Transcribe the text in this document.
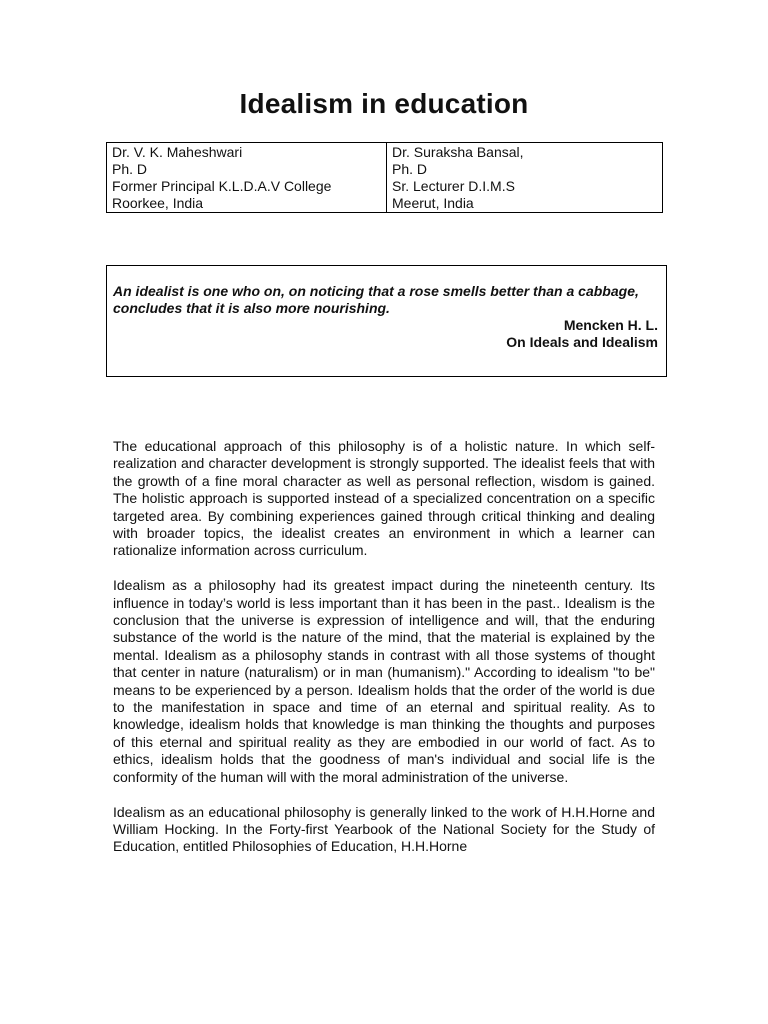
Idealism in education
Dr. V. K. Maheshwari
Ph. D
Former Principal K.L.D.A.V College
Roorkee, India

Dr. Suraksha Bansal,
Ph. D
Sr. Lecturer D.I.M.S
Meerut, India

An idealist is one who on, on noticing that a rose smells better than a cabbage, concludes that it is also more nourishing.

Mencken H. L.

On Ideals and Idealism

The educational approach of this philosophy is of a holistic nature. In which self-realization and character development is strongly supported. The idealist feels that with the growth of a fine moral character as well as personal reflection, wisdom is gained. The holistic approach is supported instead of a specialized concentration on a specific targeted area. By combining experiences gained through critical thinking and dealing with broader topics, the idealist creates an environment in which a learner can rationalize information across curriculum.

Idealism as a philosophy had its greatest impact during the nineteenth century. Its influence in today’s world is less important than it has been in the past.. Idealism is the conclusion that the universe is expression of intelligence and will, that the enduring substance of the world is the nature of the mind, that the material is explained by the mental. Idealism as a philosophy stands in contrast with all those systems of thought that center in nature (naturalism) or in man (humanism)." According to idealism "to be" means to be experienced by a person. Idealism holds that the order of the world is due to the manifestation in space and time of an eternal and spiritual reality. As to knowledge, idealism holds that knowledge is man thinking the thoughts and purposes of this eternal and spiritual reality as they are embodied in our world of fact. As to ethics, idealism holds that the goodness of man's individual and social life is the conformity of the human will with the moral administration of the universe.

Idealism as an educational philosophy is generally linked to the work of H.H.Horne and William Hocking. In the Forty-first Yearbook of the National Society for the Study of Education, entitled Philosophies of Education, H.H.Horne
